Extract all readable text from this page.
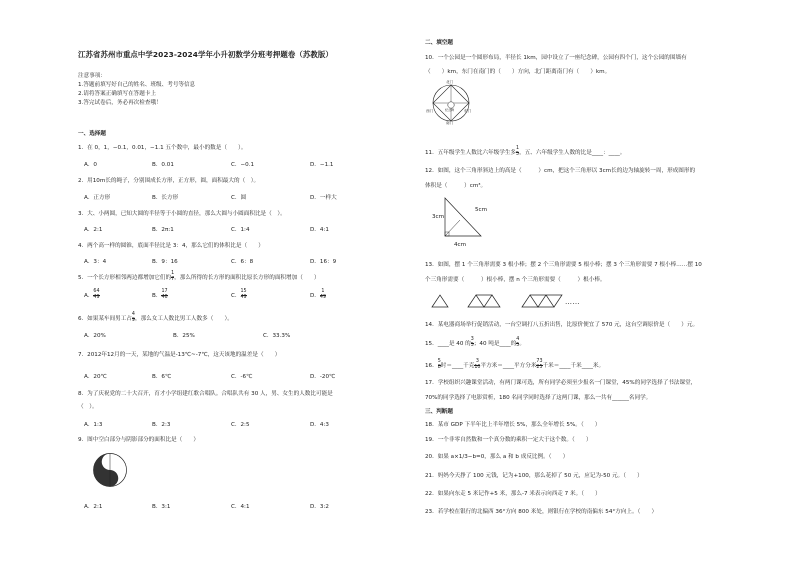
江苏省苏州市重点中学2023-2024学年小升初数学分班考押题卷（苏教版）
注意事项：
1.答题前填写好自己的姓名、班级、考号等信息
2.请将答案正确填写在答题卡上
3.答完试卷后，务必再次检查哦！
一、选择题
1．在 0，1，−0.1，0.01，−1.1 五个数中，最小的数是（　　）。
A．0	B．0.01	C．−0.1	D．−1.1
2．用10m长的绳子，分别围成长方形，正方形，圆，面积最大的（　）。
A．正方形	B．长方形	C．圆	D．一样大
3．大、小两圆，已知大圆的半径等于小圆的直径，那么大圆与小圆面积比是（　）。
A．2:1	B．2π:1	C．1:4	D．4:1
4．两个高一样的圆锥，底面半径比是 3：4，那么它们的体积比是（　　）
A．3：4	B．9：16	C．6：8	D．16：9
5．一个长方形相邻两边都增加它们的 $\frac{1}{7}$ ，那么所得的长方形的面积比原长方形的面积增加（　　）
A． $\frac{64}{49}$	B． $\frac{17}{46}$	C． $\frac{15}{49}$	D． $\frac{1}{49}$
6．如果某车间男工占 $\frac{4}{9}$ ，那么女工人数比男工人数多（　　）。
A．20%	B．25%	C．33.3%
7．2012年12月的一天，某地的气温是-13℃~-7℃，这天该地的温差是（　　）
A．20℃	B．6℃	C．-6℃	D．-20℃
8．为了庆祝党的二十大召开，育才小学组建红歌合唱队。合唱队共有 30 人，男、女生的人数比可能是
（　）。
A．1:3	B．2:3	C．2:5	D．4:3
9．图中空白部分与阴影部分的面积比是（　　）
A．2:1	B．3:1	C．4:1	D．3:2
二、填空题
10．一个公园是一个圆形布局，半径长 1km，园中设立了一座纪念碑，公园有四个门，这个公园的围墙有
（　　）km，东门在南门的（　　）方向，北门距离南门有（　　）km。
北门
南门
西门	东门
纪念碑
11．五年级学生人数比六年级学生多 $\frac{1}{5}$ ，五、六年级学生人数的比是____：____。
12．如图，这个三角形斜边上的高是（　　　）cm，把这个三角形以 3cm长的边为轴旋转一周，形成图形的
体积是（　　　）cm³。
3cm
4cm
5cm
13．如图，摆 1 个三角形需要 3 根小棒；摆 2 个三角形需要 5 根小棒；摆 3 个三角形需要 7 根小棒……摆 10
个三角形需要（　　　）根小棒，摆 n 个三角形需要（　　　）根小棒。
……
14．某电器商场举行促销活动，一台空调打八五折出售，比原价便宜了 570 元，这台空调原价是（　　）元。
15．____是 40 的 $\frac{3}{5}$ ；40 吨是____的 $\frac{4}{5}$ 。
16． $\frac{5}{8}$ 时＝____千克 $\frac{3}{10}$ 平方米＝____平方分米 $\frac{73}{25}$ 千米＝____千米____米。
17．学校组织兴趣课堂活动，有两门课可选，所有同学必须至少报名一门课堂，45%的同学选择了书法课堂，
70%的同学选择了电影赏析，180 名同学同时选择了这两门课，那么一共有______名同学。
三、判断题
18．某市 GDP 下半年比上半年增长 5%，那么全年增长 5%。（　　）
19．一个非零自然数和一个真分数的乘积一定大于这个数。（　　）
20．如果 a×1/3−b=0，那么 a 和 b 成反比例。（　　）
21．妈妈今天挣了 100 元钱，记为+100，那么花掉了 50 元，应记为-50 元。（　　）
22．如果向东走 5 米记作+5 米，那么-7 米表示向西走 7 米。（　　）
23．若学校在银行的北偏西 36°方向 800 米处，则银行在学校的南偏东 54°方向上。（　　）
